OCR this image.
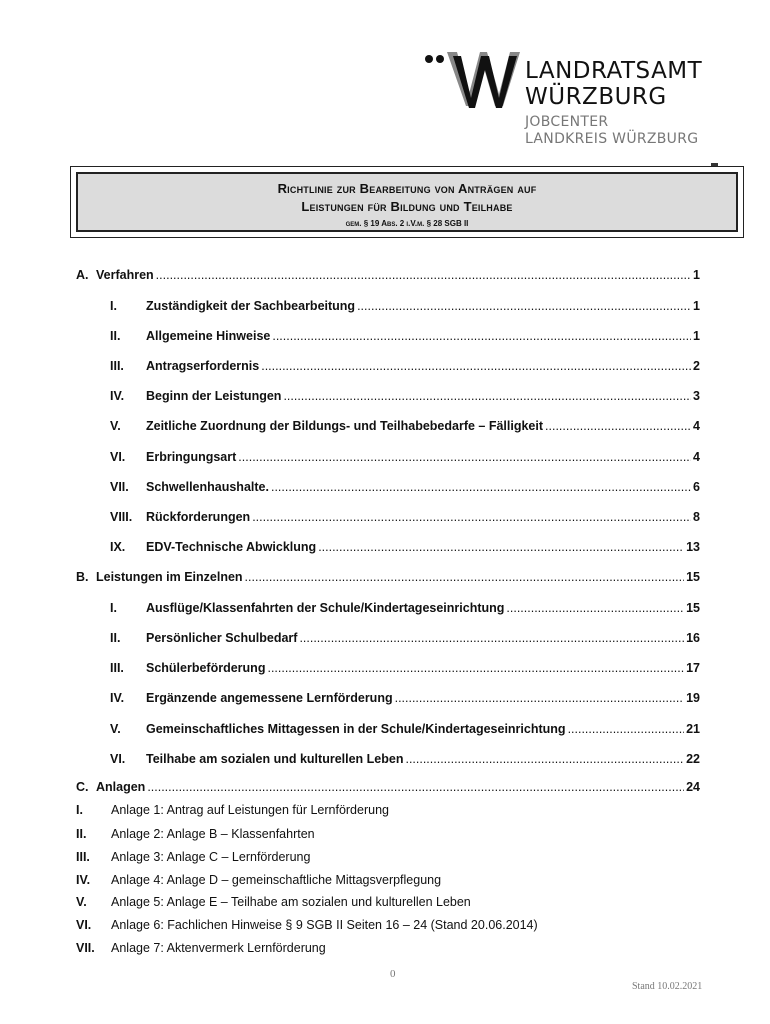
LANDRATSAMT
WÜRZBURG
JOBCENTER
LANDKREIS WÜRZBURG
Richtlinie zur Bearbeitung von Anträgen auf
Leistungen für Bildung und Teilhabe
gem. § 19 Abs. 2 i.V.m. § 28 SGB II
A. Verfahren .....	1
I.	Zuständigkeit der Sachbearbeitung .....	1
II.	Allgemeine Hinweise .....	1
III.	Antragserfordernis .....	2
IV.	Beginn der Leistungen .....	3
V.	Zeitliche Zuordnung der Bildungs- und Teilhabebedarfe – Fälligkeit .....	4
VI.	Erbringungsart .....	4
VII.	Schwellenhaushalte. .....	6
VIII.	Rückforderungen .....	8
IX.	EDV-Technische Abwicklung .....	13
B. Leistungen im Einzelnen .....	15
I.	Ausflüge/Klassenfahrten der Schule/Kindertageseinrichtung .....	15
II.	Persönlicher Schulbedarf .....	16
III.	Schülerbeförderung .....	17
IV.	Ergänzende angemessene Lernförderung .....	19
V.	Gemeinschaftliches Mittagessen in der Schule/Kindertageseinrichtung .....	21
VI.	Teilhabe am sozialen und kulturellen Leben .....	22
C. Anlagen .....	24
I.	Anlage 1: Antrag auf Leistungen für Lernförderung
II.	Anlage 2: Anlage B – Klassenfahrten
III.	Anlage 3: Anlage C – Lernförderung
IV.	Anlage 4: Anlage D – gemeinschaftliche Mittagsverpflegung
V.	Anlage 5: Anlage E – Teilhabe am sozialen und kulturellen Leben
VI.	Anlage 6: Fachlichen Hinweise § 9 SGB II Seiten 16 – 24 (Stand 20.06.2014)
VII.	Anlage 7: Aktenvermerk Lernförderung
0
Stand 10.02.2021
